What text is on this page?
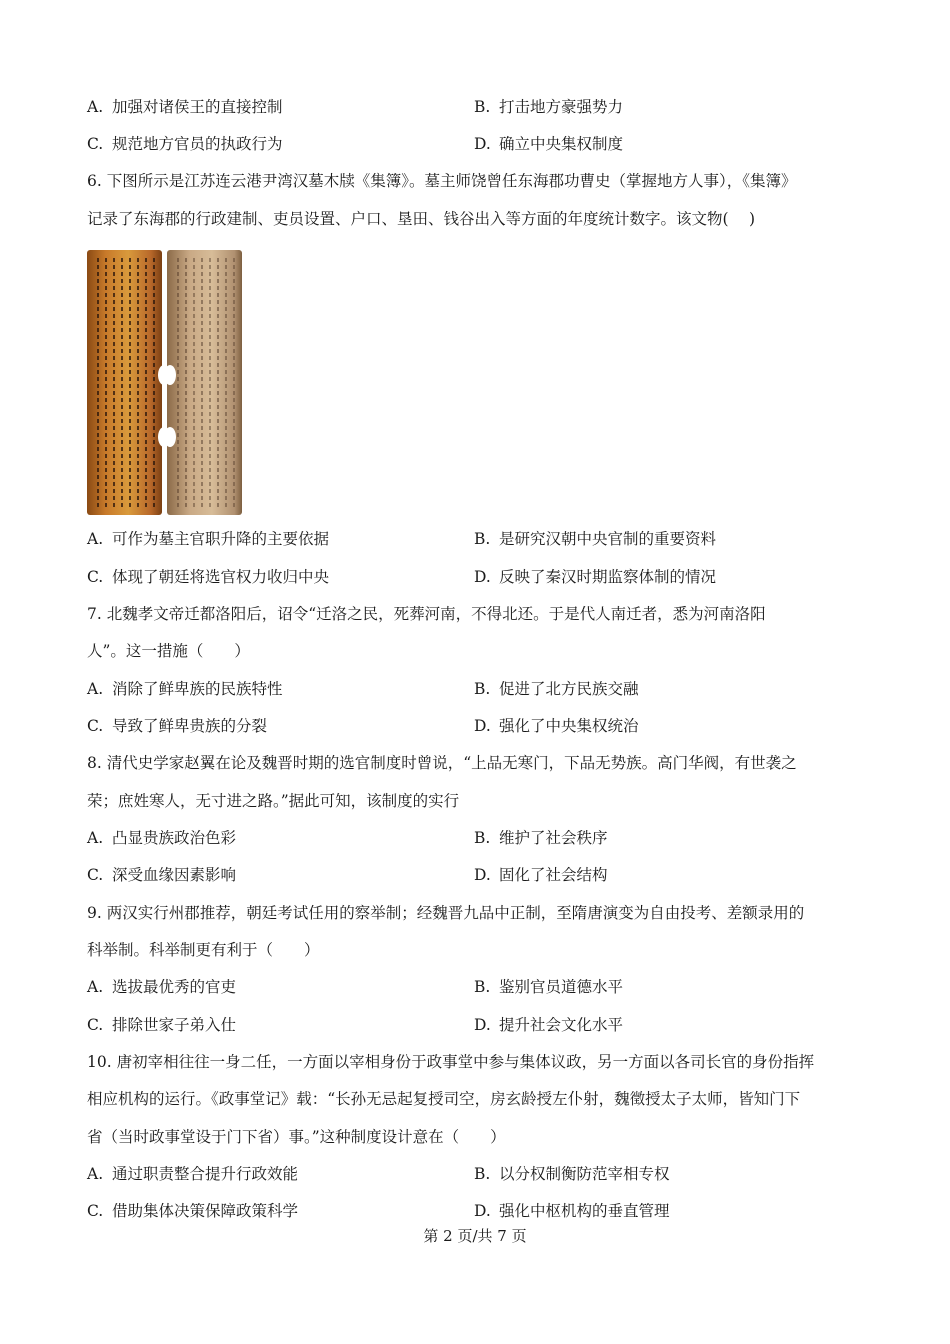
A. 加强对诸侯王的直接控制	B. 打击地方豪强势力
C. 规范地方官员的执政行为	D. 确立中央集权制度
6. 下图所示是江苏连云港尹湾汉墓木牍《集簿》。墓主师饶曾任东海郡功曹史（掌握地方人事），《集簿》
记录了东海郡的行政建制、吏员设置、户口、垦田、钱谷出入等方面的年度统计数字。该文物(　 )
A. 可作为墓主官职升降的主要依据	B. 是研究汉朝中央官制的重要资料
C. 体现了朝廷将选官权力收归中央	D. 反映了秦汉时期监察体制的情况
7. 北魏孝文帝迁都洛阳后，诏令“迁洛之民，死葬河南，不得北还。于是代人南迁者，悉为河南洛阳
人”。这一措施（　　）
A. 消除了鲜卑族的民族特性	B. 促进了北方民族交融
C. 导致了鲜卑贵族的分裂	D. 强化了中央集权统治
8. 清代史学家赵翼在论及魏晋时期的选官制度时曾说，“上品无寒门，下品无势族。高门华阀，有世袭之
荣；庶姓寒人，无寸进之路。”据此可知，该制度的实行
A. 凸显贵族政治色彩	B. 维护了社会秩序
C. 深受血缘因素影响	D. 固化了社会结构
9. 两汉实行州郡推荐，朝廷考试任用的察举制；经魏晋九品中正制，至隋唐演变为自由投考、差额录用的
科举制。科举制更有利于（　　）
A. 选拔最优秀的官吏	B. 鉴别官员道德水平
C. 排除世家子弟入仕	D. 提升社会文化水平
10. 唐初宰相往往一身二任，一方面以宰相身份于政事堂中参与集体议政，另一方面以各司长官的身份指挥
相应机构的运行。《政事堂记》载：“长孙无忌起复授司空，房玄龄授左仆射，魏徵授太子太师，皆知门下
省（当时政事堂设于门下省）事。”这种制度设计意在（　　）
A. 通过职责整合提升行政效能	B. 以分权制衡防范宰相专权
C. 借助集体决策保障政策科学	D. 强化中枢机构的垂直管理
第 2 页/共 7 页
